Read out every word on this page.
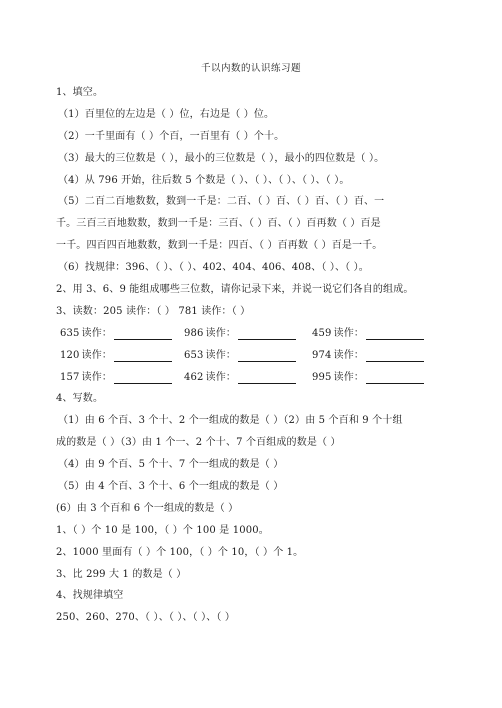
千以内数的认识练习题
1、填空。
（1）百里位的左边是（ ）位，右边是（ ）位。
（2）一千里面有（ ）个百，一百里有（ ）个十。
（3）最大的三位数是（ ），最小的三位数是（ ），最小的四位数是（ ）。
（4）从 796 开始，往后数 5 个数是（ ）、（ ）、（ ）、（ ）、（ ）。
（5）二百二百地数数，数到一千是：二百、（ ）百、（ ）百、（ ）百、一
千。三百三百地数数，数到一千是：三百、（ ）百、（ ）百再数（ ）百是
一千。四百四百地数数，数到一千是：四百、（ ）百再数（ ）百是一千。
（6）找规律：396、（ ）、（ ）、402、404、406、408、（ ）、（ ）。
2、用 3、6、9 能组成哪些三位数，请你记录下来，并说一说它们各自的组成。
3、读数：205 读作：（ ） 781 读作：（ ）
635 读作：	986 读作：	459 读作：
120 读作：	653 读作：	974 读作：
157 读作：	462 读作：	995 读作：
4、写数。
（1）由 6 个百、3 个十、2 个一组成的数是（ ）（2）由 5 个百和 9 个十组
成的数是（ ）（3）由 1 个一、2 个十、7 个百组成的数是（ ）
（4）由 9 个百、5 个十、7 个一组成的数是（ ）
（5）由 4 个百、3 个十、6 个一组成的数是（ ）
(6）由 3 个百和 6 个一组成的数是（ ）
1、（ ）个 10 是 100，（ ）个 100 是 1000。
2、1000 里面有（ ）个 100，（ ）个 10，（ ）个 1。
3、比 299 大 1 的数是（ ）
4、找规律填空
250、260、270、（ ）、（ ）、（ ）、（ ）
